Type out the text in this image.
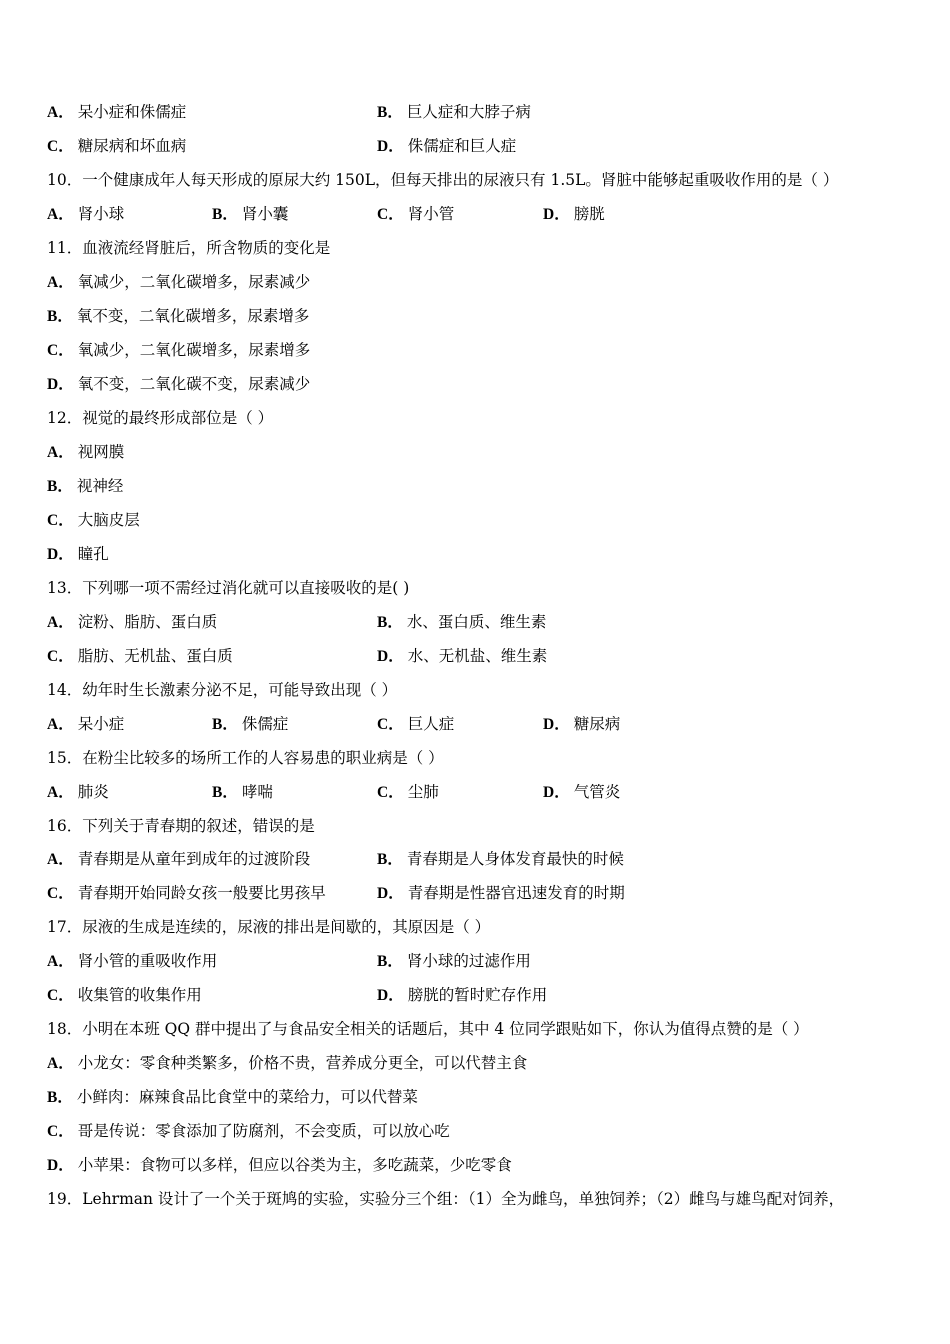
A． 呆小症和侏儒症	B． 巨人症和大脖子病
C． 糖尿病和坏血病	D． 侏儒症和巨人症
10．一个健康成年人每天形成的原尿大约 150L，但每天排出的尿液只有 1.5L。肾脏中能够起重吸收作用的是（ ）
A． 肾小球	B． 肾小囊	C． 肾小管	D． 膀胱
11．血液流经肾脏后，所含物质的变化是
A． 氧减少，二氧化碳增多，尿素减少
B． 氧不变，二氧化碳增多，尿素增多
C． 氧减少，二氧化碳增多，尿素增多
D． 氧不变，二氧化碳不变，尿素减少
12．视觉的最终形成部位是（ ）
A． 视网膜
B． 视神经
C． 大脑皮层
D． 瞳孔
13．下列哪一项不需经过消化就可以直接吸收的是( )
A． 淀粉、脂肪、蛋白质	B． 水、蛋白质、维生素
C． 脂肪、无机盐、蛋白质	D． 水、无机盐、维生素
14．幼年时生长激素分泌不足，可能导致出现（ ）
A． 呆小症	B． 侏儒症	C． 巨人症	D． 糖尿病
15．在粉尘比较多的场所工作的人容易患的职业病是（ ）
A． 肺炎	B． 哮喘	C． 尘肺	D． 气管炎
16．下列关于青春期的叙述，错误的是
A． 青春期是从童年到成年的过渡阶段	B． 青春期是人身体发育最快的时候
C． 青春期开始同龄女孩一般要比男孩早	D． 青春期是性器官迅速发育的时期
17．尿液的生成是连续的，尿液的排出是间歇的，其原因是（ ）
A． 肾小管的重吸收作用	B． 肾小球的过滤作用
C． 收集管的收集作用	D． 膀胱的暂时贮存作用
18．小明在本班 QQ 群中提出了与食品安全相关的话题后，其中 4 位同学跟贴如下，你认为值得点赞的是（ ）
A． 小龙女：零食种类繁多，价格不贵，营养成分更全，可以代替主食
B． 小鲜肉：麻辣食品比食堂中的菜给力，可以代替菜
C． 哥是传说：零食添加了防腐剂，不会变质，可以放心吃
D． 小苹果：食物可以多样，但应以谷类为主，多吃蔬菜，少吃零食
19．Lehrman 设计了一个关于斑鸠的实验，实验分三个组：（1）全为雌鸟，单独饲养；（2）雌鸟与雄鸟配对饲养，
